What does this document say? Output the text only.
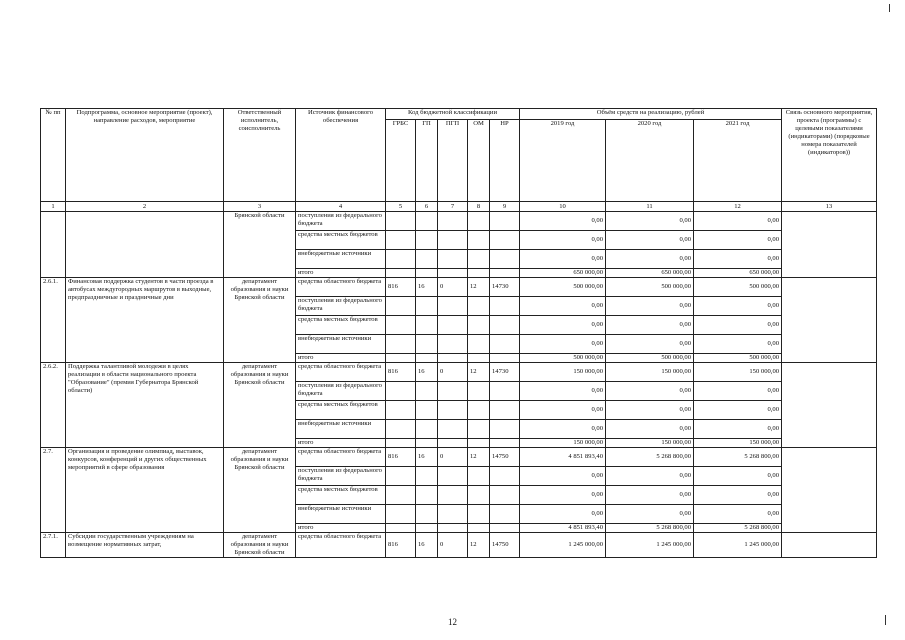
№ пп	Подпрограмма, основное мероприятие (проект), направление расходов, мероприятие	Ответственный исполнитель, соисполнитель	Источник финансового обеспечения	Код бюджетной классификации					Объём средств на реализацию, рублей			Связь основного мероприятия, проекта (программы) с целевыми показателями (индикаторами) (порядковые номера показателей (индикаторов))
				ГРБС	ГП	ПГП	ОМ	НР	2019 год	2020 год	2021 год	
1	2	3	4	5	6	7	8	9	10	11	12	13
		Брянской области	поступления из федерального бюджета						0,00	0,00	0,00	
			средства местных бюджетов						0,00	0,00	0,00	
			внебюджетные источники						0,00	0,00	0,00	
			итого						650 000,00	650 000,00	650 000,00	
2.6.1.	Финансовая поддержка студентов в части проезда в автобусах междугородных маршрутов в выходные, предпраздничные и праздничные дни	департамент образования и науки Брянской области	средства областного бюджета	816	16	0	12	14730	500 000,00	500 000,00	500 000,00	
			поступления из федерального бюджета						0,00	0,00	0,00	
			средства местных бюджетов						0,00	0,00	0,00	
			внебюджетные источники						0,00	0,00	0,00	
			итого						500 000,00	500 000,00	500 000,00	
2.6.2.	Поддержка талантливой молодежи в целях реализации в области национального проекта "Образование" (премия Губернатора Брянской области)	департамент образования и науки Брянской области	средства областного бюджета	816	16	0	12	14730	150 000,00	150 000,00	150 000,00	
			поступления из федерального бюджета						0,00	0,00	0,00	
			средства местных бюджетов						0,00	0,00	0,00	
			внебюджетные источники						0,00	0,00	0,00	
			итого						150 000,00	150 000,00	150 000,00	
2.7.	Организация и проведение олимпиад, выставок, конкурсов, конференций и других общественных мероприятий в сфере образования	департамент образования и науки Брянской области	средства областного бюджета	816	16	0	12	14750	4 851 893,40	5 268 800,00	5 268 800,00	
			поступления из федерального бюджета						0,00	0,00	0,00	
			средства местных бюджетов						0,00	0,00	0,00	
			внебюджетные источники						0,00	0,00	0,00	
			итого						4 851 893,40	5 268 800,00	5 268 800,00	
2.7.1.	Субсидии государственным учреждениям на возмещение нормативных затрат,	департамент образования и науки Брянской области	средства областного бюджета	816	16	0	12	14750	1 245 000,00	1 245 000,00	1 245 000,00	
12
